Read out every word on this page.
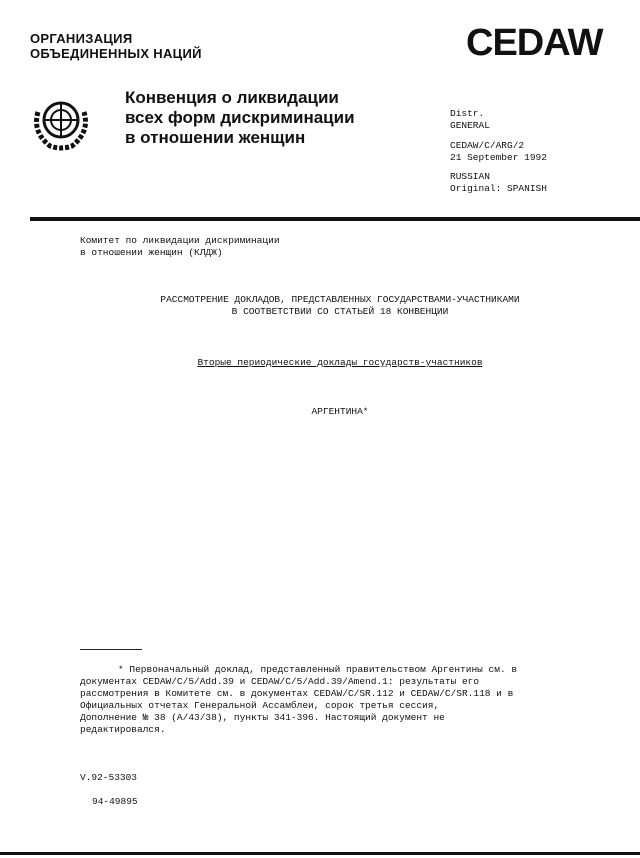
ОРГАНИЗАЦИЯ
ОБЪЕДИНЕННЫХ НАЦИЙ	CEDAW
Конвенция о ликвидации
всех форм дискриминации
в отношении женщин
Distr.
GENERAL
CEDAW/C/ARG/2
21 September 1992
RUSSIAN
Original: SPANISH
Комитет по ликвидации дискриминации
в отношении женщин (КЛДЖ)
РАССМОТРЕНИЕ ДОКЛАДОВ, ПРЕДСТАВЛЕННЫХ ГОСУДАРСТВАМИ-УЧАСТНИКАМИ
В СООТВЕТСТВИИ СО СТАТЬЕЙ 18 КОНВЕНЦИИ
Вторые периодические доклады государств-участников
АРГЕНТИНА*
* Первоначальный доклад, представленный правительством Аргентины см. в
документах CEDAW/C/5/Add.39 и CEDAW/C/5/Add.39/Amend.1: результаты его
рассмотрения в Комитете см. в документах CEDAW/C/SR.112 и CEDAW/C/SR.118 и в
Официальных отчетах Генеральной Ассамблеи, сорок третья сессия,
Дополнение № 38 (A/43/38), пункты 341-396. Настоящий документ не
редактировался.
V.92-53303
94-49895
